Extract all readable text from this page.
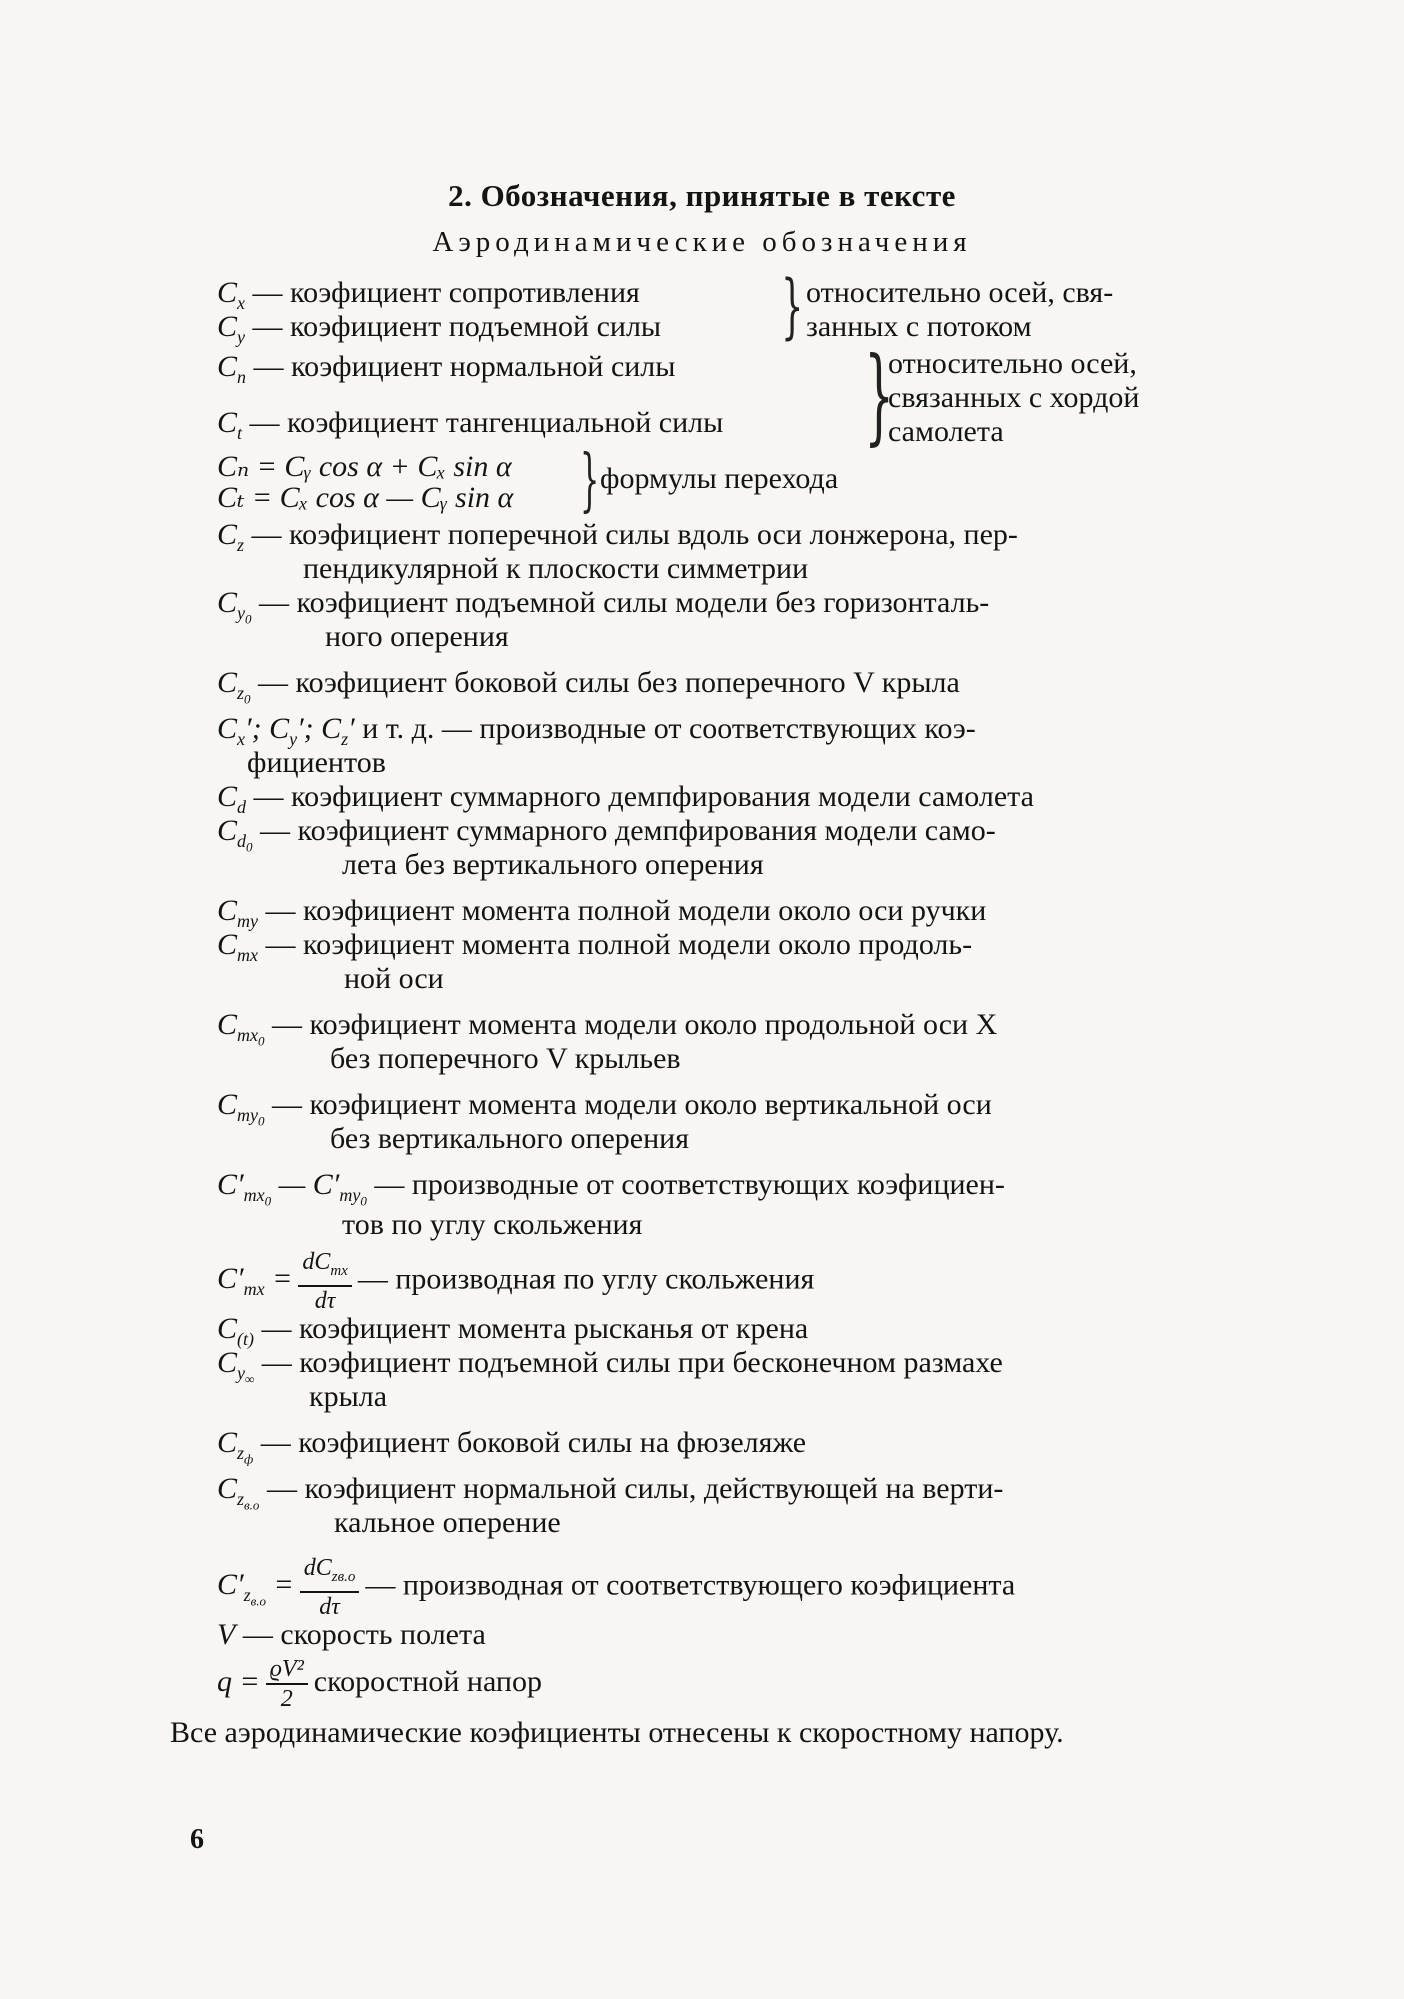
2. Обозначения, принятые в тексте
Аэродинамические обозначения
$C_x$ — коэфициент сопротивления
$C_y$ — коэфициент подъемной силы	} относительно осей, свя-
занных с потоком
$C_n$ — коэфициент нормальной силы
$C_t$ — коэфициент тангенциальной силы	}
относительно осей,
связанных с хордой
самолета
Cₙ = Cᵧ cos α + Cₓ sin α
Cₜ = Cₓ cos α — Cᵧ sin α } формулы перехода
$C_z$ — коэфициент поперечной силы вдоль оси лонжерона, пер-
пендикулярной к плоскости симметрии
$C_{y_0}$ — коэфициент подъемной силы модели без горизонталь-
ного оперения
$C_{z_0}$ — коэфициент боковой силы без поперечного V крыла
$C_x'$; $C_y'$; $C_z'$ и т. д. — производные от соответствующих коэ-
фициентов
$C_d$ — коэфициент суммарного демпфирования модели самолета
$C_{d_0}$ — коэфициент суммарного демпфирования модели само-
лета без вертикального оперения
$C_{my}$ — коэфициент момента полной модели около оси ручки
$C_{mx}$ — коэфициент момента полной модели около продоль-
ной оси
$C_{mx_0}$ — коэфициент момента модели около продольной оси X
без поперечного V крыльев
$C_{my_0}$ — коэфициент момента модели около вертикальной оси
без вертикального оперения
$C'_{mx_0}$ — $C'_{my_0}$ — производные от соответствующих коэфициен-
тов по углу скольжения
$C'_{mx} = \frac{dC_{mx}}{d\tau}$ — производная по углу скольжения
$C_{(t)}$ — коэфициент момента рысканья от крена
$C_{y_\infty}$ — коэфициент подъемной силы при бесконечном размахе
крыла
$C_{z_ф}$ — коэфициент боковой силы на фюзеляже
$C_{z_{в.о}}$ — коэфициент нормальной силы, действующей на верти-
кальное оперение
$C'_{z_{в.о}} = \frac{dC_{zв.о}}{d\tau}$ — производная от соответствующего коэфициента
V — скорость полета
$q = \frac{\text{ϱV²}}{2}$ скоростной напор
Все аэродинамические коэфициенты отнесены к скоростному напору.
6
